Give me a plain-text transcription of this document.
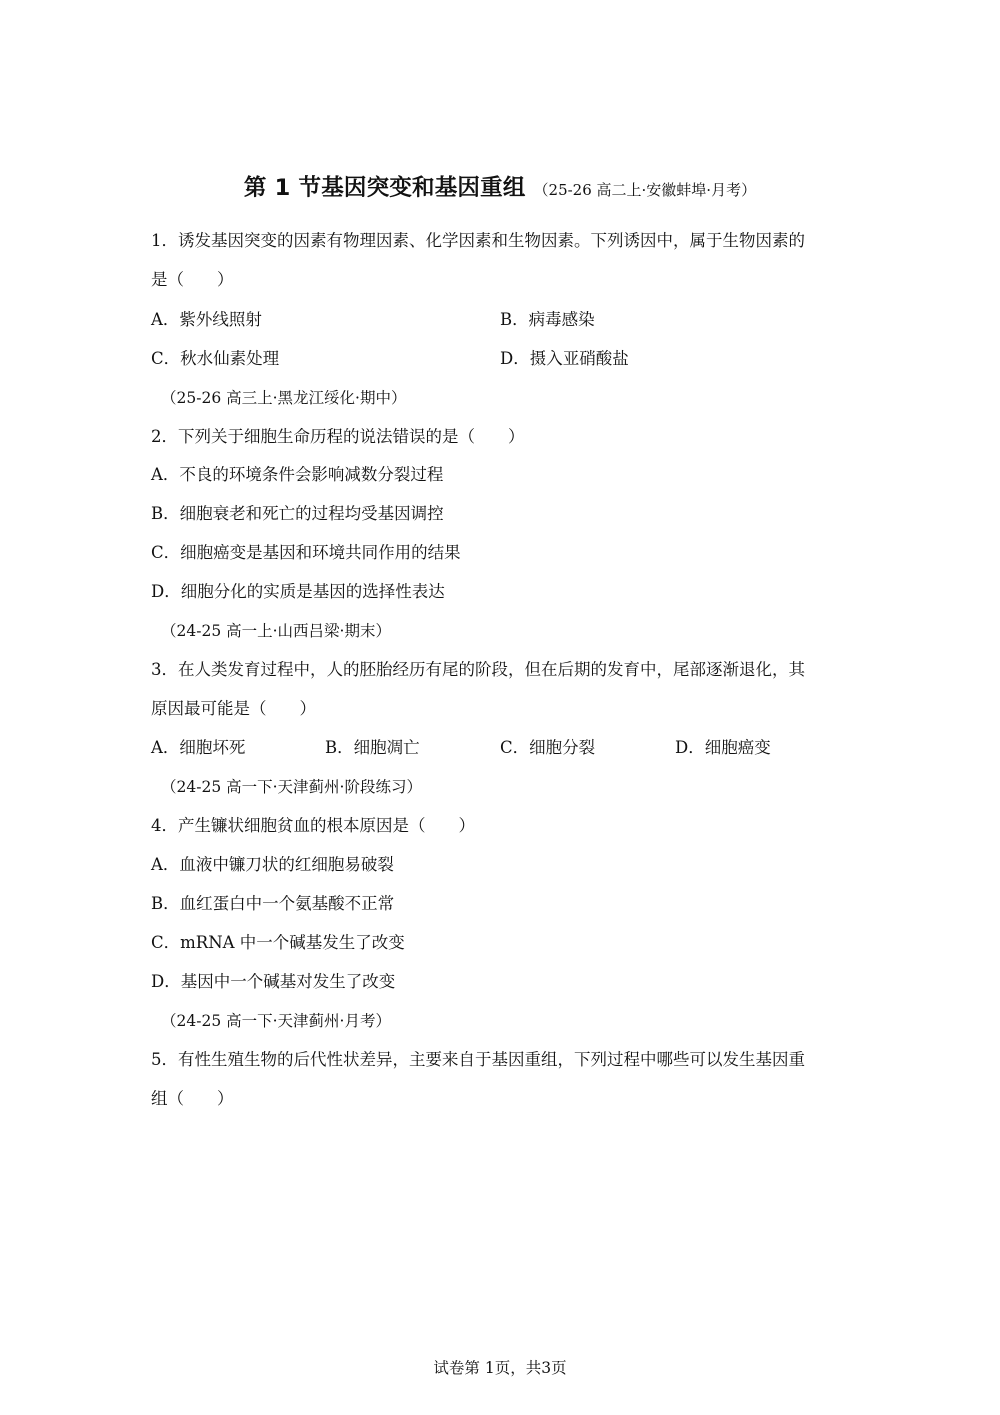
第 1 节基因突变和基因重组 （25-26 高二上·安徽蚌埠·月考）
1．诱发基因突变的因素有物理因素、化学因素和生物因素。下列诱因中，属于生物因素的
是（　　）
A．紫外线照射	B．病毒感染
C．秋水仙素处理	D．摄入亚硝酸盐
（25-26 高三上·黑龙江绥化·期中）
2．下列关于细胞生命历程的说法错误的是（　　）
A．不良的环境条件会影响减数分裂过程
B．细胞衰老和死亡的过程均受基因调控
C．细胞癌变是基因和环境共同作用的结果
D．细胞分化的实质是基因的选择性表达
（24-25 高一上·山西吕梁·期末）
3．在人类发育过程中，人的胚胎经历有尾的阶段，但在后期的发育中，尾部逐渐退化，其
原因最可能是（　　）
A．细胞坏死	B．细胞凋亡	C．细胞分裂	D．细胞癌变
（24-25 高一下·天津蓟州·阶段练习）
4．产生镰状细胞贫血的根本原因是（　　）
A．血液中镰刀状的红细胞易破裂
B．血红蛋白中一个氨基酸不正常
C．mRNA 中一个碱基发生了改变
D．基因中一个碱基对发生了改变
（24-25 高一下·天津蓟州·月考）
5．有性生殖生物的后代性状差异，主要来自于基因重组，下列过程中哪些可以发生基因重
组（　　）
试卷第 1页，共3页
